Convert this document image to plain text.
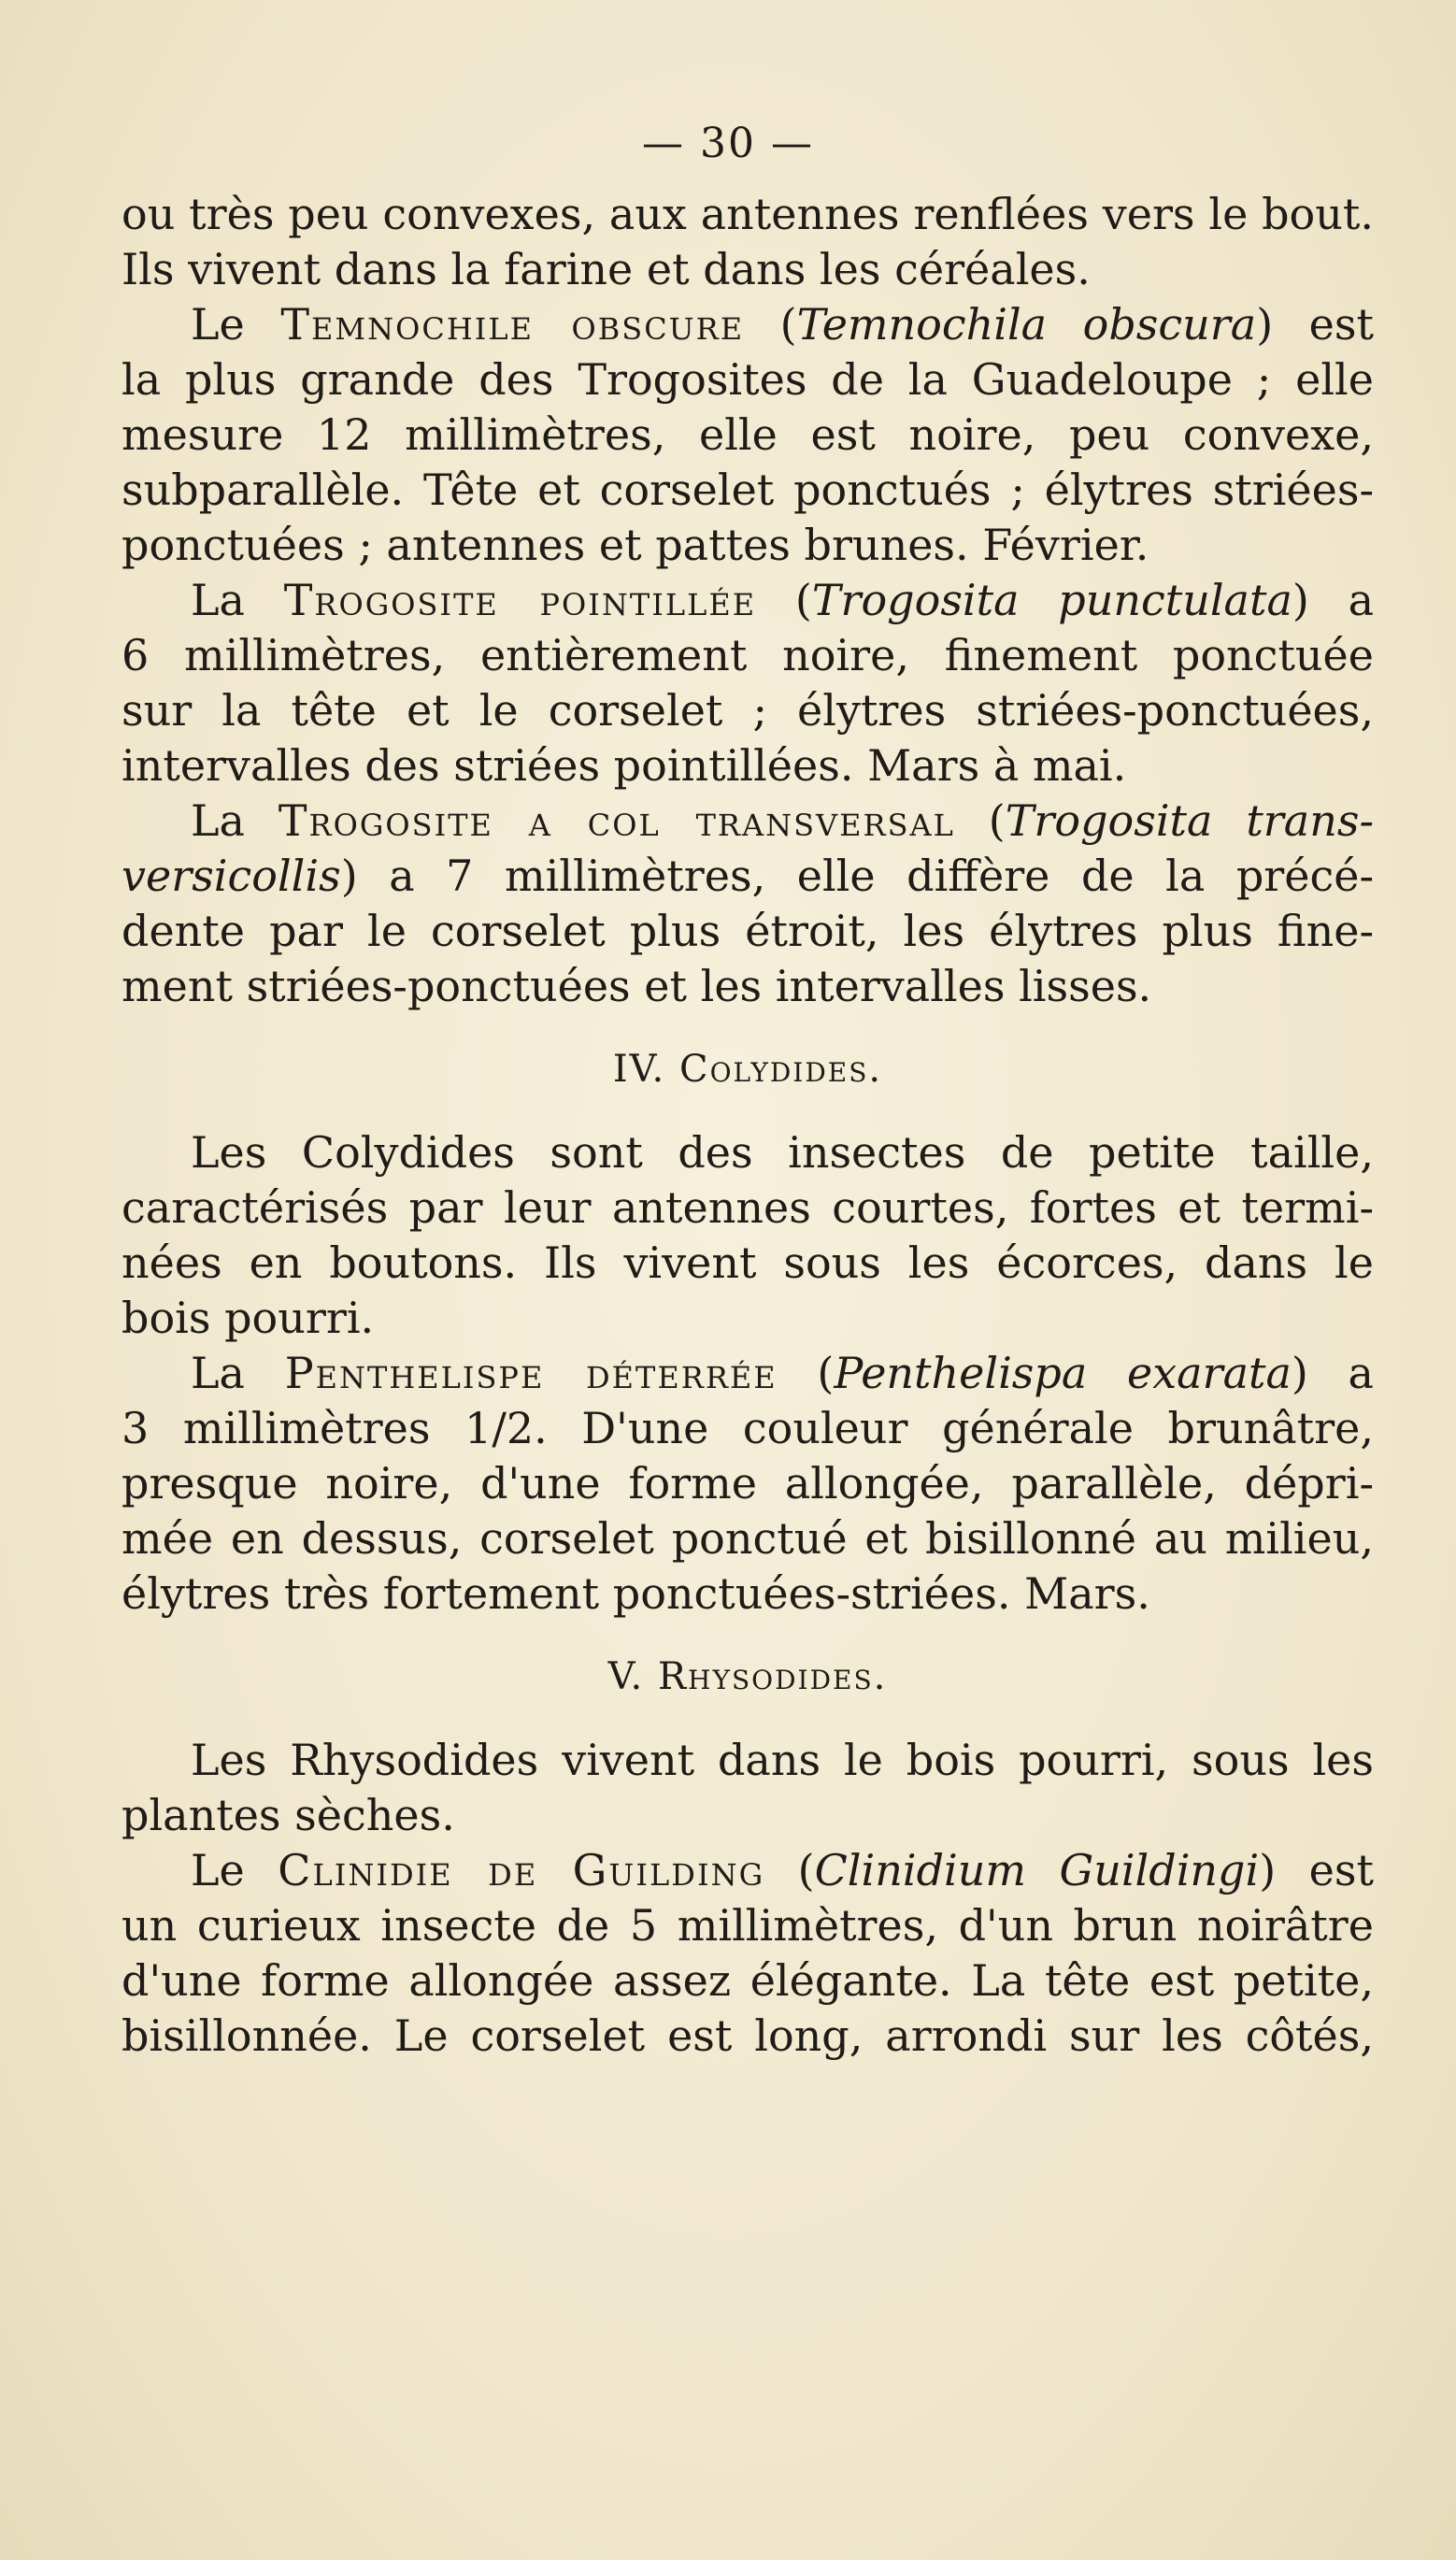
— 30 —
ou très peu convexes, aux antennes renflées vers le bout.
Ils vivent dans la farine et dans les céréales.
Le Temnochile obscure (Temnochila obscura) est
la plus grande des Trogosites de la Guadeloupe ; elle
mesure 12 millimètres, elle est noire, peu convexe,
subparallèle. Tête et corselet ponctués ; élytres striées-
ponctuées ; antennes et pattes brunes. Février.
La Trogosite pointillée (Trogosita punctulata) a
6 millimètres, entièrement noire, finement ponctuée
sur la tête et le corselet ; élytres striées-ponctuées,
intervalles des striées pointillées. Mars à mai.
La Trogosite a col transversal (Trogosita trans-
versicollis) a 7 millimètres, elle diffère de la précé-
dente par le corselet plus étroit, les élytres plus fine-
ment striées-ponctuées et les intervalles lisses.
IV. Colydides.
Les Colydides sont des insectes de petite taille,
caractérisés par leur antennes courtes, fortes et termi-
nées en boutons. Ils vivent sous les écorces, dans le
bois pourri.
La Penthelispe déterrée (Penthelispa exarata) a
3 millimètres 1/2. D'une couleur générale brunâtre,
presque noire, d'une forme allongée, parallèle, dépri-
mée en dessus, corselet ponctué et bisillonné au milieu,
élytres très fortement ponctuées-striées. Mars.
V. Rhysodides.
Les Rhysodides vivent dans le bois pourri, sous les
plantes sèches.
Le Clinidie de Guilding (Clinidium Guildingi) est
un curieux insecte de 5 millimètres, d'un brun noirâtre
d'une forme allongée assez élégante. La tête est petite,
bisillonnée. Le corselet est long, arrondi sur les côtés,
